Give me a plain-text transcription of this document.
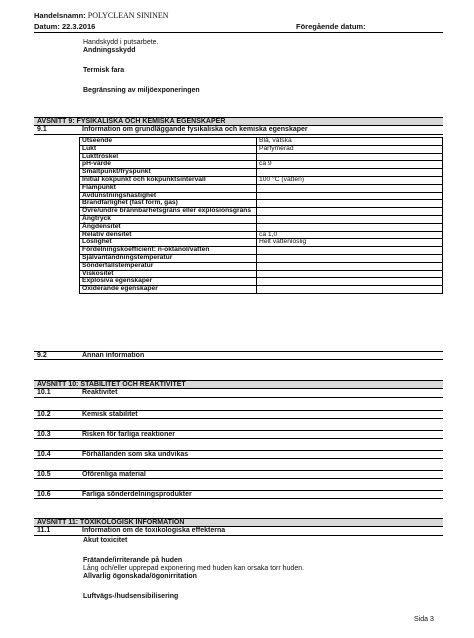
Handelsnamn: POLYCLEAN SININEN
Datum: 22.3.2016	Föregående datum:
Handskydd i putsarbete.
Andningsskydd
Termisk fara
Begränsning av miljöexponeringen
AVSNITT 9: FYSIKALISKA OCH KEMISKA EGENSKAPER
9.1	Information om grundläggande fysikaliska och kemiska egenskaper
Utseende	Blå, vätska
Lukt	Parfymerad
Lukttröskel	
pH-värde	ca 9
Smältpunkt/fryspunkt	
Initial kokpunkt och kokpunktsintervall	100 °C (vatten)
Flampunkt	
Avdunstningshastighet	
Brandfarlighet (fast form, gas)	
Övre/undre brännbarhetsgräns eller explosionsgräns	
Ångtryck	
Ångdensitet	
Relativ densitet	ca 1,0
Löslighet	Helt vattenlöslig
Fördelningskoefficient: n-oktanol/vatten	
Självantändningstemperatur	
Sönderfallstemperatur	
Viskositet	
Explosiva egenskaper	
Oxiderande egenskaper	
9.2	Annan information
AVSNITT 10: STABILITET OCH REAKTIVITET
10.1	Reaktivitet
10.2	Kemisk stabilitet
10.3	Risken för farliga reaktioner
10.4	Förhållanden som ska undvikas
10.5	Oförenliga material
10.6	Farliga sönderdelningsprodukter
AVSNITT 11: TOXIKOLOGISK INFORMATION
11.1	Information om de toxikologiska effekterna
Akut toxicitet
Frätande/irriterande på huden
Lång och/eller upprepad exponering med huden kan orsaka torr huden.
Allvarlig ögonskada/ögonirritation
Luftvägs-/hudsensibilisering
Sida 3
